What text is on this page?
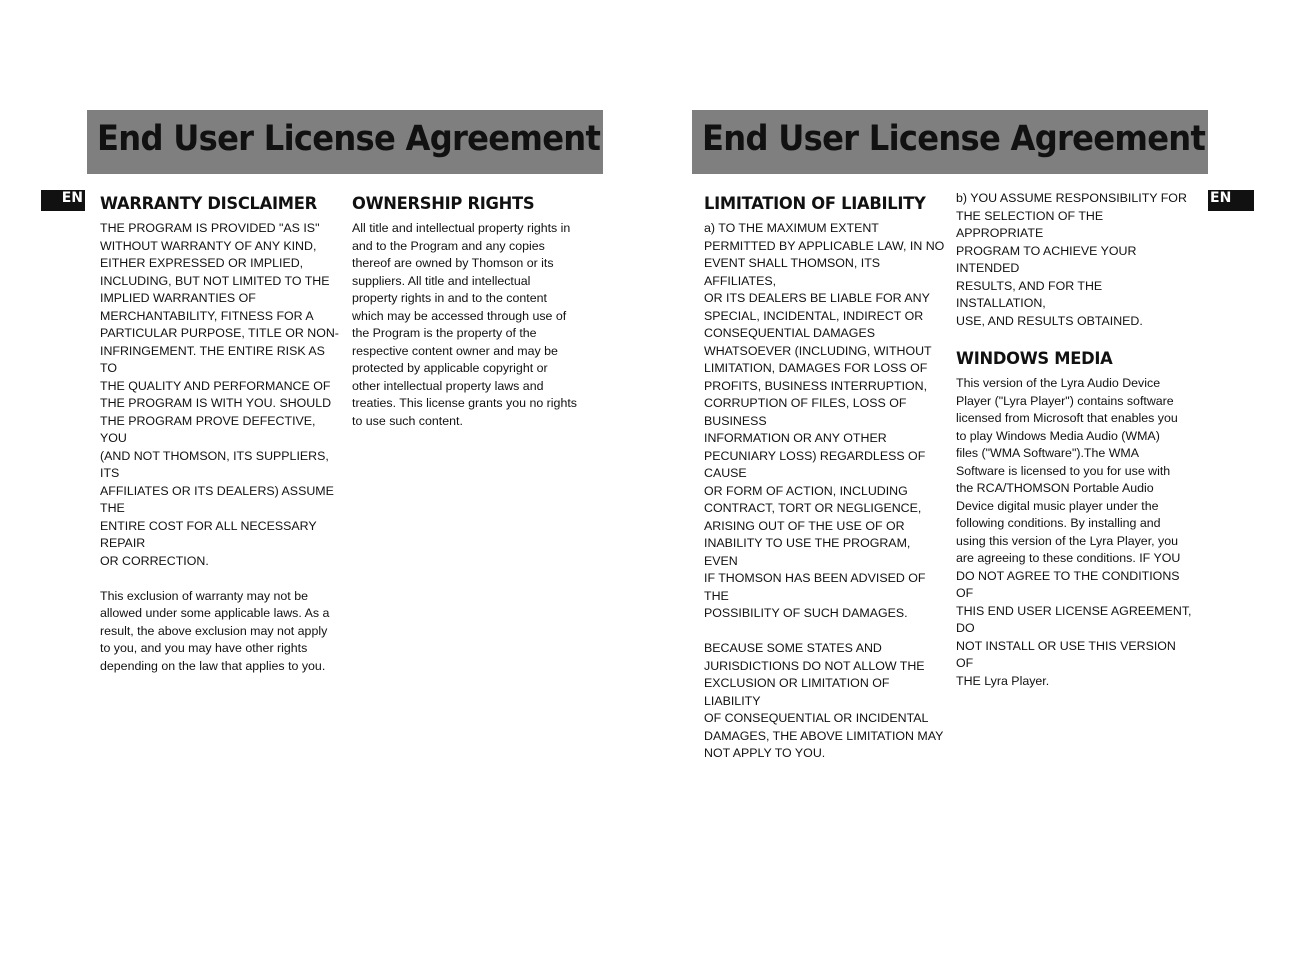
End User License Agreement
EN WARRANTY DISCLAIMER

THE PROGRAM IS PROVIDED "AS IS"
WITHOUT WARRANTY OF ANY KIND,
EITHER EXPRESSED OR IMPLIED,
INCLUDING, BUT NOT LIMITED TO THE
IMPLIED WARRANTIES OF
MERCHANTABILITY, FITNESS FOR A
PARTICULAR PURPOSE, TITLE OR NON-
INFRINGEMENT. THE ENTIRE RISK AS TO
THE QUALITY AND PERFORMANCE OF
THE PROGRAM IS WITH YOU. SHOULD
THE PROGRAM PROVE DEFECTIVE, YOU
(AND NOT THOMSON, ITS SUPPLIERS, ITS
AFFILIATES OR ITS DEALERS) ASSUME THE
ENTIRE COST FOR ALL NECESSARY REPAIR
OR CORRECTION.

This exclusion of warranty may not be
allowed under some applicable laws. As a
result, the above exclusion may not apply
to you, and you may have other rights
depending on the law that applies to you.

OWNERSHIP RIGHTS

All title and intellectual property rights in
and to the Program and any copies
thereof are owned by Thomson or its
suppliers. All title and intellectual
property rights in and to the content
which may be accessed through use of
the Program is the property of the
respective content owner and may be
protected by applicable copyright or
other intellectual property laws and
treaties. This license grants you no rights
to use such content.

End User License Agreement
EN
LIMITATION OF LIABILITY

a) TO THE MAXIMUM EXTENT
PERMITTED BY APPLICABLE LAW, IN NO
EVENT SHALL THOMSON, ITS AFFILIATES,
OR ITS DEALERS BE LIABLE FOR ANY
SPECIAL, INCIDENTAL, INDIRECT OR
CONSEQUENTIAL DAMAGES
WHATSOEVER (INCLUDING, WITHOUT
LIMITATION, DAMAGES FOR LOSS OF
PROFITS, BUSINESS INTERRUPTION,
CORRUPTION OF FILES, LOSS OF BUSINESS
INFORMATION OR ANY OTHER
PECUNIARY LOSS) REGARDLESS OF CAUSE
OR FORM OF ACTION, INCLUDING
CONTRACT, TORT OR NEGLIGENCE,
ARISING OUT OF THE USE OF OR
INABILITY TO USE THE PROGRAM, EVEN
IF THOMSON HAS BEEN ADVISED OF THE
POSSIBILITY OF SUCH DAMAGES.

BECAUSE SOME STATES AND
JURISDICTIONS DO NOT ALLOW THE
EXCLUSION OR LIMITATION OF LIABILITY
OF CONSEQUENTIAL OR INCIDENTAL
DAMAGES, THE ABOVE LIMITATION MAY
NOT APPLY TO YOU.

b) YOU ASSUME RESPONSIBILITY FOR
THE SELECTION OF THE APPROPRIATE
PROGRAM TO ACHIEVE YOUR INTENDED
RESULTS, AND FOR THE INSTALLATION,
USE, AND RESULTS OBTAINED.

WINDOWS MEDIA

This version of the Lyra Audio Device
Player ("Lyra Player") contains software
licensed from Microsoft that enables you
to play Windows Media Audio (WMA)
files ("WMA Software").The WMA
Software is licensed to you for use with
the RCA/THOMSON Portable Audio
Device digital music player under the
following conditions. By installing and
using this version of the Lyra Player, you
are agreeing to these conditions. IF YOU
DO NOT AGREE TO THE CONDITIONS OF
THIS END USER LICENSE AGREEMENT, DO
NOT INSTALL OR USE THIS VERSION OF
THE Lyra Player.
